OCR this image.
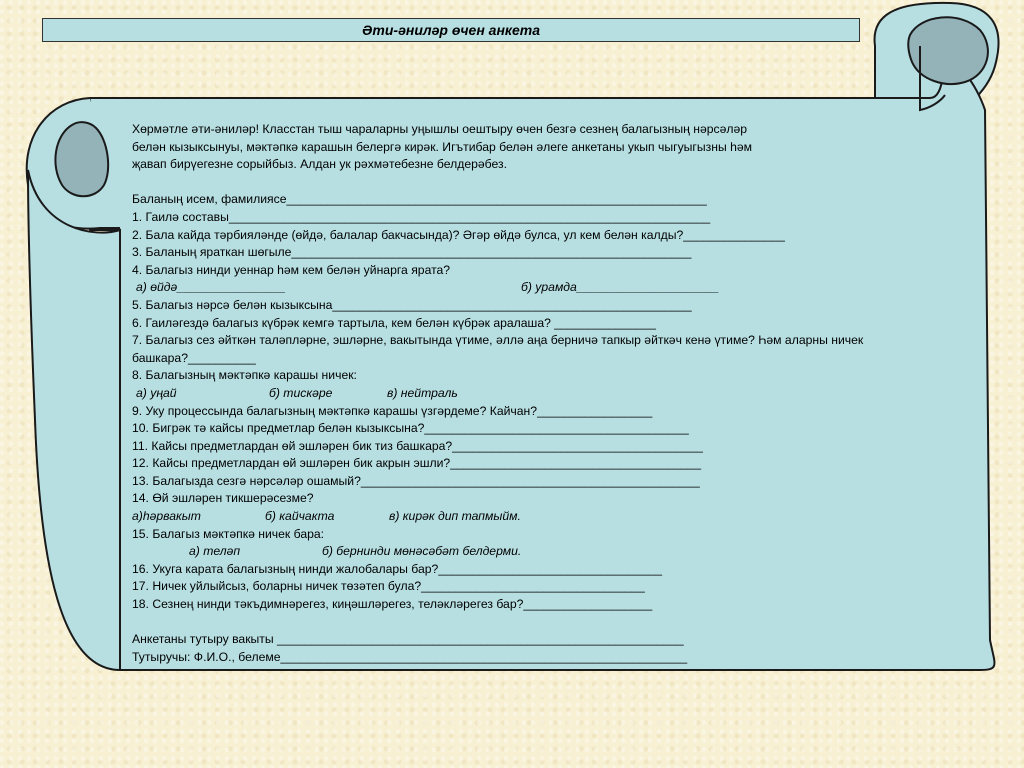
Әти-әниләр өчен анкета

Хөрмәтле әти-әниләр! Класстан тыш чараларны уңышлы оештыру өчен безгә сезнең балагызның нәрсәләр белән кызыксынуы, мәктәпкә карашын белергә кирәк. Игътибар белән әлеге анкетаны укып чыгуыгызны һәм җавап бирүегезне сорыйбыз. Алдан ук рәхмәтебезне белдерәбез.

Баланың исем, фамилиясе______________________________________________________________

1. Гаилә составы_______________________________________________________________________

2. Бала кайда тәрбияләнде (өйдә, балалар бакчасында)? Әгәр өйдә булса, ул кем белән калды?_______________

3. Баланың яраткан шөгыле___________________________________________________________

4. Балагыз нинди уеннар һәм кем белән уйнарга ярата?

а) өйдә________________	б) урамда_____________________

5. Балагыз нәрсә белән кызыксына_____________________________________________________

6. Гаиләгездә балагыз күбрәк кемгә тартыла, кем белән күбрәк аралаша? _______________

7. Балагыз сез әйткән таләпләрне, эшләрне, вакытында үтиме, әллә аңа берничә тапкыр әйткәч кенә үтиме? Һәм аларны ничек башкара?__________

8. Балагызның мәктәпкә карашы ничек:

а) уңай	б) тискәре	в) нейтраль

9. Уку процессында балагызның мәктәпкә карашы үзгәрдеме? Кайчан?_________________

10. Бигрәк тә кайсы предметлар белән кызыксына?_______________________________________

11. Кайсы предметлардан өй эшләрен бик тиз башкара?_____________________________________

12. Кайсы предметлардан өй эшләрен бик акрын эшли?_____________________________________

13. Балагызда сезгә нәрсәләр ошамый?__________________________________________________

14. Өй эшләрен тикшерәсезме?

а)һәрвакыт	б) кайчакта	в) кирәк дип тапмыйм.

15. Балагыз мәктәпкә ничек бара:

а) теләп	б) бернинди мөнәсәбәт белдерми.

16. Укуга карата балагызның нинди жалобалары бар?_________________________________

17. Ничек уйлыйсыз, боларны ничек төзәтеп була?_________________________________

18. Сезнең нинди тәкъдимнәрегез, киңәшләрегез, теләкләрегез бар?___________________

Анкетаны тутыру вакыты ____________________________________________________________

Тутыручы: Ф.И.О., белеме____________________________________________________________
